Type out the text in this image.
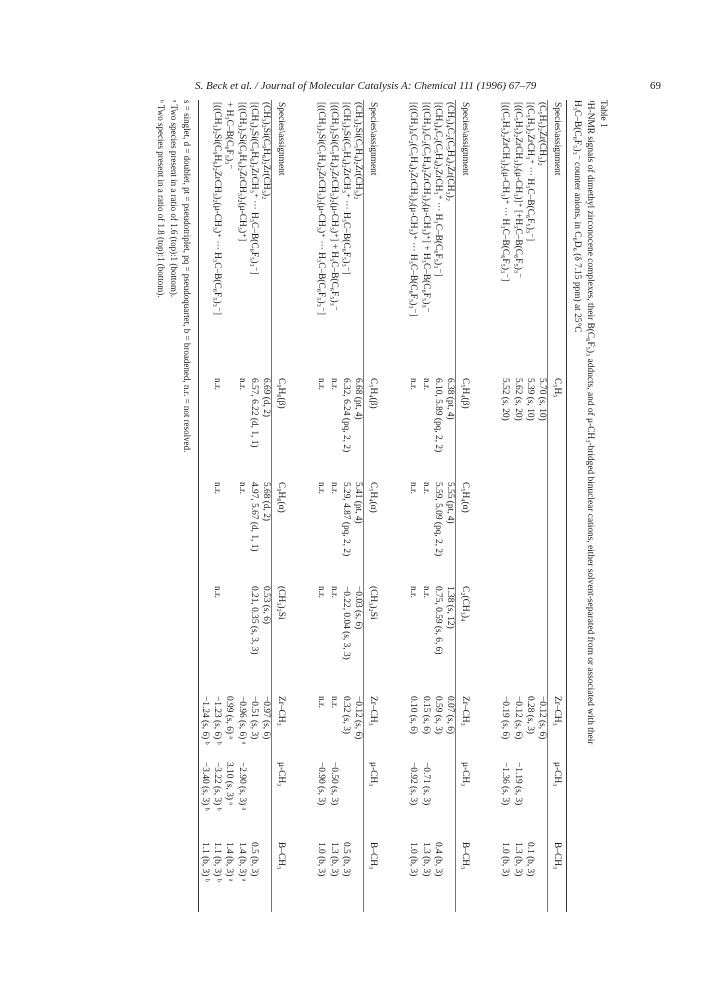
S. Beck et al. / Journal of Molecular Catalysis A: Chemical 111 (1996) 67–79	69
Table 1
¹H-NMR signals of dimethyl zirconocene complexes, their B(C₆F₅)₃ adducts, and of μ-CH₃-bridged binuclear cations, either solvent-separated from or associated with their
H₃C–B(C₆F₅)₃⁻ counter anions, in C₆D₆ (δ 7.15 ppm) at 25°C
Species\assignment	C₅H₅			Zr–CH₃	μ-CH₃	B–CH₃
(C₅H₅)₂Zr(CH₃)₂	5.70 (s, 10)			−0.12 (s, 6)		
[(C₅H₅)₂ZrCH₃⁺ ··· H₃C–B(C₆F₅)₃⁻]	5.39 (s, 10)			0.28 (s, 3)		0.1 (b, 3)
[((C₅H₅)₂ZrCH₃)₂(μ-CH₃)]⁺ [+H₃C–B(C₆F₅)₃⁻	5.62 (s, 20)			−0.12 (s, 6)	−1.19 (s, 3)	1.3 (b, 3)
[((C₅H₅)₂ZrCH₃)₂(μ-CH₃)⁺ ··· H₃C–B(C₆F₅)₃⁻]	5.52 (s, 20)			−0.19 (s, 6)	−1.36 (s, 3)	1.0 (b, 3)
Species\assignment	C₅H₄(β)	C₅H₄(α)	C₂(CH₃)₄	Zr–CH₃	μ-CH₃	B–CH₃
(CH₃)₄C₂(C₅H₄)₂Zr(CH₃)₂	6.38 (pt, 4)	5.55 (pt, 4)	1.38 (s, 12)	0.07 (s, 6)		
[(CH₃)₄C₂(C₅H₄)₂ZrCH₃⁺ ··· H₃C–B(C₆F₅)₃⁻]	6.10, 5.89 (pq, 2, 2)	5.59, 5.09 (pq, 2, 2)	0.75, 0.59 (s, 6, 6)	0.59 (s, 3)		0.4 (b, 3)
[((CH₃)₄C₂(C₅H₄)₂ZrCH₃)₂(μ-CH₃)⁺] + H₃C–B(C₆F₅)₃⁻	n.r.	n.r.	n.r.	0.15 (s, 6)	−0.71 (s, 3)	1.3 (b, 3)
[((CH₃)₄C₂(C₅H₄)₂ZrCH₃)₂(μ-CH₃)⁺ ··· H₃C–B(C₆F₅)₃⁻]	n.r.	n.r.	n.r.	0.10 (s, 6)	−0.92 (s, 3)	1.0 (b, 3)
Species\assignment	C₅H₄(β)	C₅H₄(α)	(CH₃)₂Si	Zr–CH₃	μ-CH₃	B–CH₃
(CH₃)₂Si(C₅H₄)₂Zr(CH₃)₂	6.68 (pt, 4)	5.41 (pt, 4)	−0.03 (s, 6)	−0.12 (s, 6)		
[(CH₃)₂Si(C₅H₄)₂ZrCH₃⁺ ··· H₃C–B(C₆F₅)₃⁻]	6.32, 6.24 (pq, 2, 2)	5.29, 4.87 (pq, 2, 2)	−0.22, 0.04 (s, 3, 3)	0.32 (s, 3)		0.5 (b, 3)
[((CH₃)₂Si(C₅H₄)₂ZrCH₃)₂(μ-CH₃)⁺] + H₃C–B(C₆F₅)₃⁻	n.r.	n.r.	n.r.	n.r.	−0.50 (s, 3)	1.3 (b, 3)
[((CH₃)₂Si(C₅H₄)₂ZrCH₃)₂(μ-CH₃)⁺ ··· H₃C–B(C₆F₅)₃⁻]	n.r.	n.r.	n.r.	n.r.	−0.90 (s, 3)	1.0 (b, 3)
Species\assignment	C₉H₆(β)	C₉H₆(α)	(CH₃)₂Si	Zr–CH₃	μ-CH₃	B–CH₃
(CH₃)₂Si(C₉H₆)₂Zr(CH₃)₂	6.69 (d, 2)	5.68 (d, 2)	0.53 (s, 6)	−0.97 (s, 6)		
[(CH₃)₂Si(C₉H₆)₂ZrCH₃⁺ ··· H₃C–B(C₆F₅)₃⁻]	6.57, 6.22 (d, 1, 1)	4.97, 5.67 (d, 1, 1)	0.21, 0.35 (s, 3, 3)	−0.51 (s, 3)		0.5 (b, 3)
[((CH₃)₂Si(C₉H₆)₂ZrCH₃)₂(μ-CH₃)⁺]	n.r.	n.r.		−0.96 (s, 6) ᵃ	−2.90 (s, 3) ᵃ	1.4 (b, 3) ᵃ
+ H₃C–B(C₆F₅)₃⁻				0.99 (s, 6) ᵃ	3.10 (s, 3) ᵃ	1.4 (b, 3) ᵃ
[((CH₃)₂Si(C₉H₆)₂ZrCH₃)₂(μ-CH₃)⁺ ··· H₃C–B(C₆F₅)₃⁻]	n.r.	n.r.	n.r.	−1.23 (s, 6) ᵇ	−3.22 (s, 3) ᵇ	1.1 (b, 3) ᵇ
				−1.24 (s, 6) ᵇ	−3.40 (s, 3) ᵇ	1.1 (b, 3) ᵇ
s = singlet, d = doublet, pt = pseudotriplet, pq = pseudoquartet, b = broadened, n.r. = not resolved.
ᵃ Two species present in a ratio of 1.6 (top):1 (bottom).
ᵇ Two species present in a ratio of 1.8 (top):1 (bottom).
